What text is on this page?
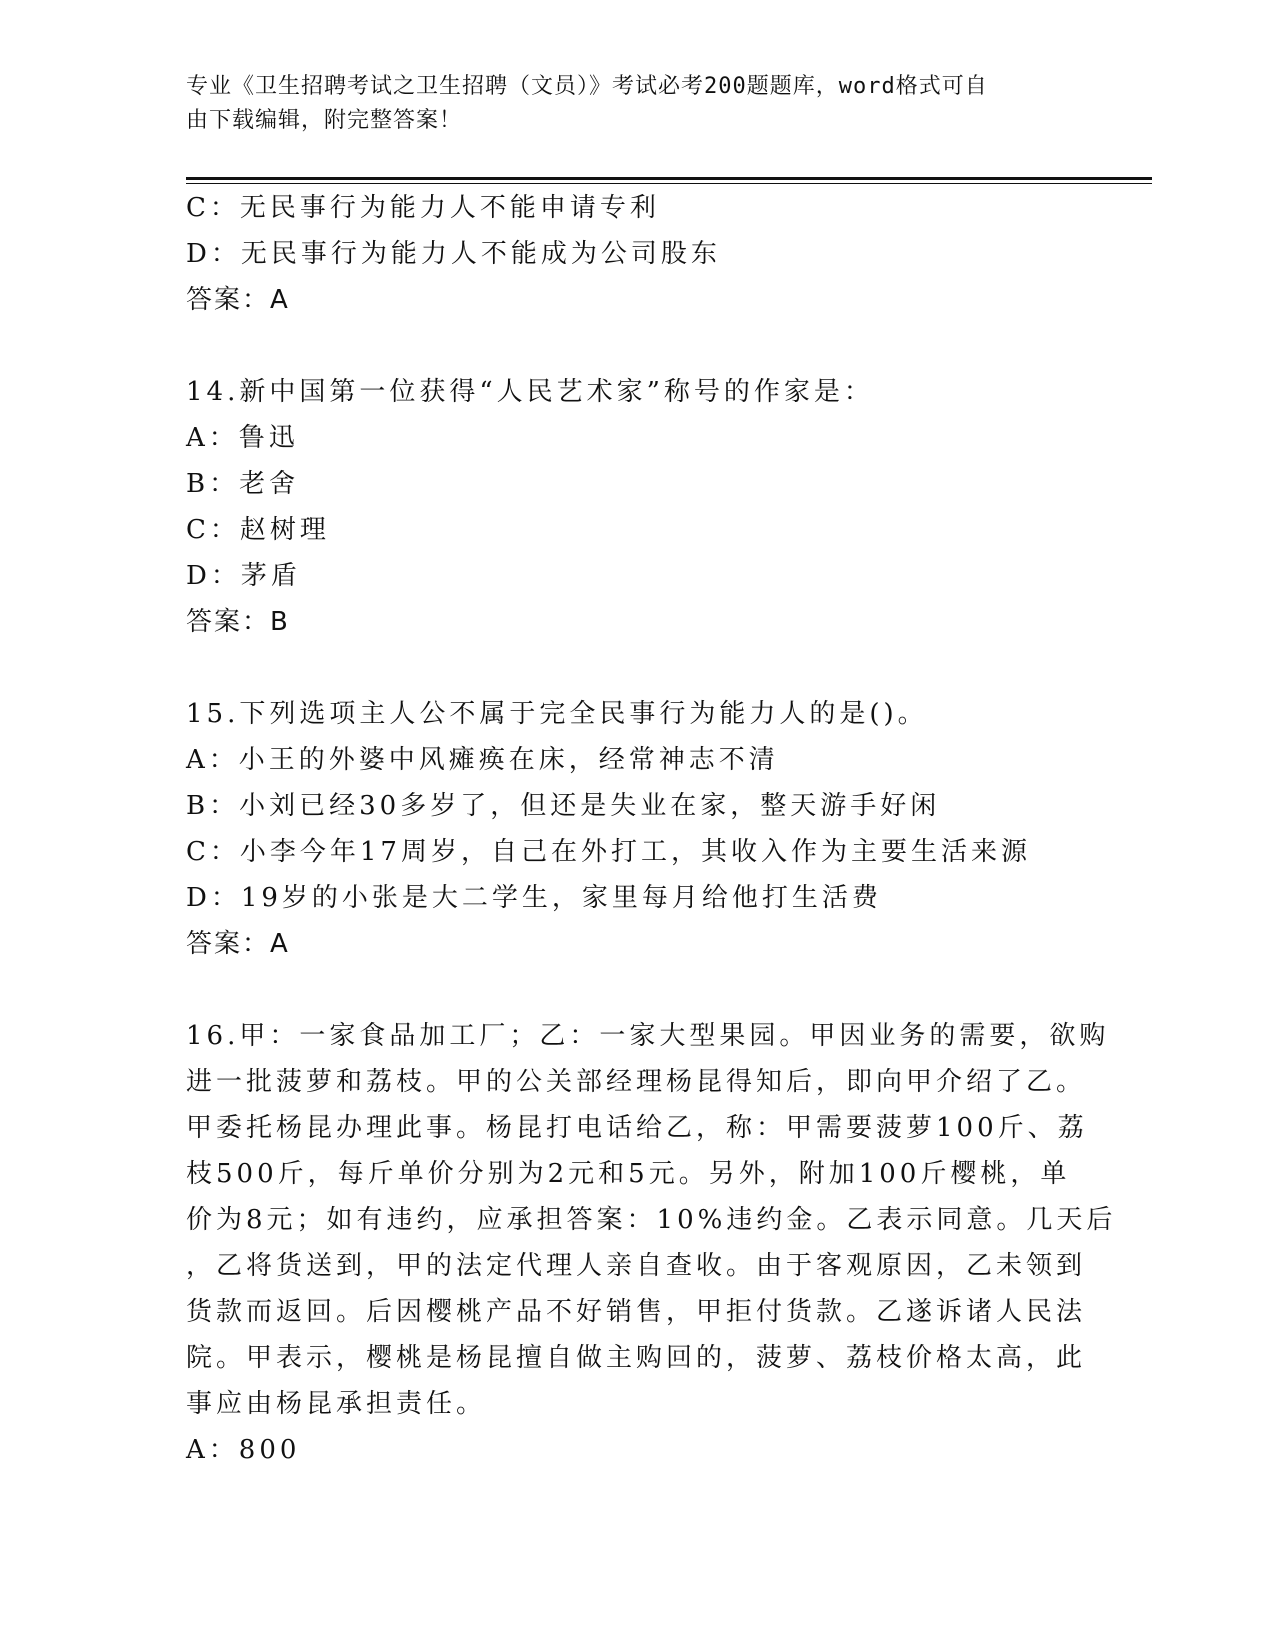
专业《卫生招聘考试之卫生招聘（文员）》考试必考200题题库，word格式可自
由下载编辑，附完整答案！
C：无民事行为能力人不能申请专利
D：无民事行为能力人不能成为公司股东
答案：A
14.新中国第一位获得“人民艺术家”称号的作家是：
A：鲁迅
B：老舍
C：赵树理
D：茅盾
答案：B
15.下列选项主人公不属于完全民事行为能力人的是()。
A：小王的外婆中风瘫痪在床，经常神志不清
B：小刘已经30多岁了，但还是失业在家，整天游手好闲
C：小李今年17周岁，自己在外打工，其收入作为主要生活来源
D：19岁的小张是大二学生，家里每月给他打生活费
答案：A
16.甲：一家食品加工厂；乙：一家大型果园。甲因业务的需要，欲购
进一批菠萝和荔枝。甲的公关部经理杨昆得知后，即向甲介绍了乙。
甲委托杨昆办理此事。杨昆打电话给乙，称：甲需要菠萝100斤、荔
枝500斤，每斤单价分别为2元和5元。另外，附加100斤樱桃，单
价为8元；如有违约，应承担答案：10%违约金。乙表示同意。几天后
，乙将货送到，甲的法定代理人亲自查收。由于客观原因，乙未领到
货款而返回。后因樱桃产品不好销售，甲拒付货款。乙遂诉诸人民法
院。甲表示，樱桃是杨昆擅自做主购回的，菠萝、荔枝价格太高，此
事应由杨昆承担责任。
A：800
